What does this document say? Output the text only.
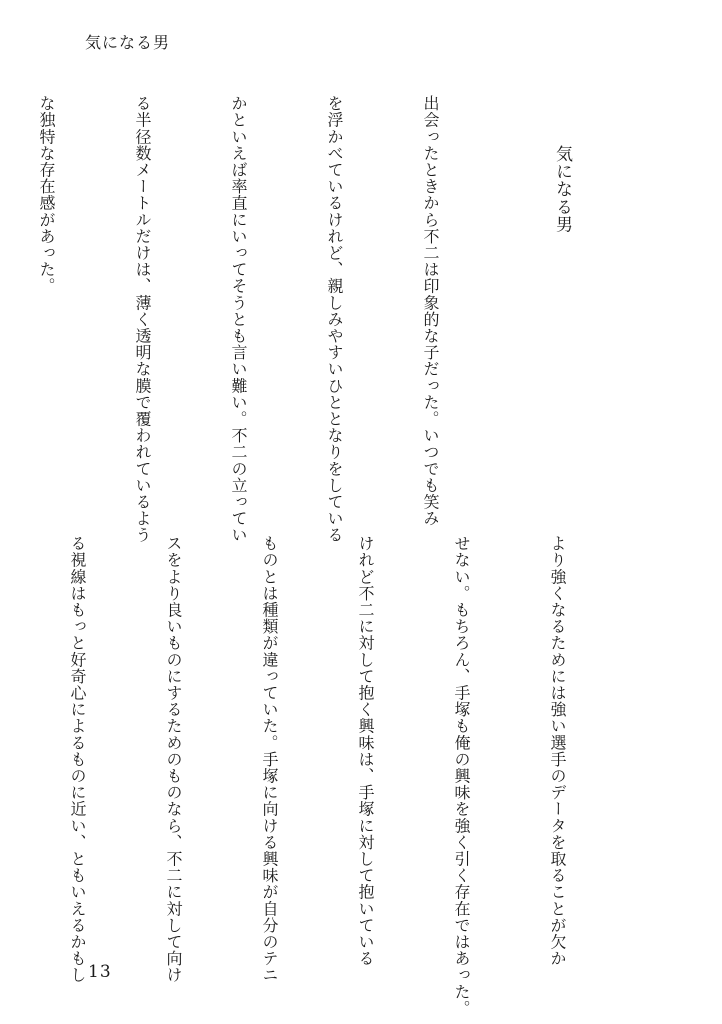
気になる男

気になる男

出会ったときから不二は印象的な子だった。いつでも笑み

を浮かべているけれど、親しみやすいひととなりをしている

かといえば率直にいってそうとも言い難い。不二の立ってい

る半径数メートルだけは、薄く透明な膜で覆われているよう

な独特な存在感があった。

より強くなるためには強い選手のデータを取ることが欠か

せない。もちろん、手塚も俺の興味を強く引く存在ではあった。

けれど不二に対して抱く興味は、手塚に対して抱いている

ものとは種類が違っていた。手塚に向ける興味が自分のテニ

スをより良いものにするためのものなら、不二に対して向け

る視線はもっと好奇心によるものに近い、ともいえるかもし

13
